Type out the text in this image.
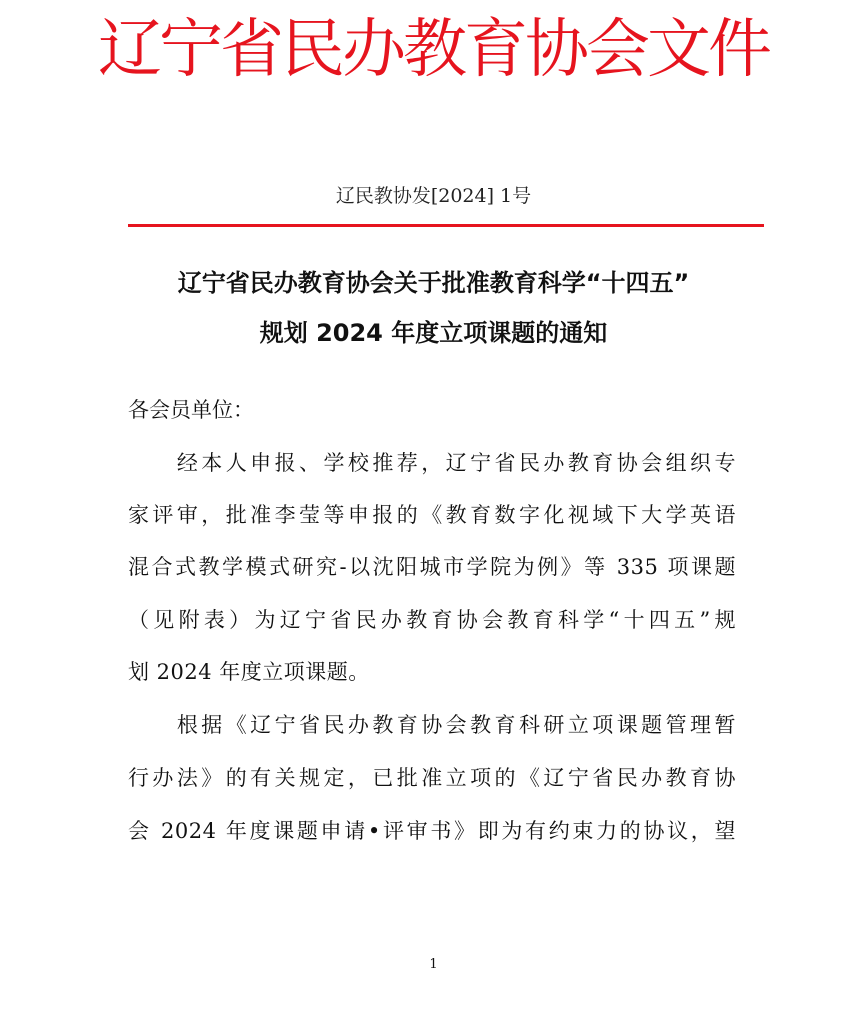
辽宁省民办教育协会文件
辽民教协发[2024] 1号
辽宁省民办教育协会关于批准教育科学“十四五”
规划 2024 年度立项课题的通知
各会员单位：
　　经本人申报、学校推荐，辽宁省民办教育协会组织专
家评审，批准李莹等申报的《教育数字化视域下大学英语
混合式教学模式研究-以沈阳城市学院为例》等 335 项课题
（见附表）为辽宁省民办教育协会教育科学“十四五”规
划 2024 年度立项课题。
　　根据《辽宁省民办教育协会教育科研立项课题管理暂
行办法》的有关规定，已批准立项的《辽宁省民办教育协
会 2024 年度课题申请•评审书》即为有约束力的协议，望
1
